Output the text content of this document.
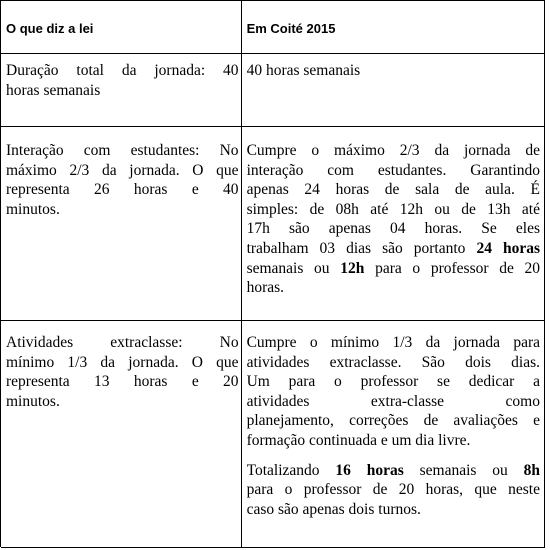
O que diz a lei	Em Coité 2015
Duração total da jornada: 40
horas semanais
40 horas semanais
Interação com estudantes: No
máximo 2/3 da jornada. O que
representa 26 horas e 40
minutos.
Cumpre o máximo 2/3 da jornada de
interação com estudantes. Garantindo
apenas 24 horas de sala de aula. É
simples: de 08h até 12h ou de 13h até
17h são apenas 04 horas. Se eles
trabalham 03 dias são portanto 24 horas
semanais ou 12h para o professor de 20
horas.
Atividades extraclasse: No
mínimo 1/3 da jornada. O que
representa 13 horas e 20
minutos.
Cumpre o mínimo 1/3 da jornada para
atividades extraclasse. São dois dias.
Um para o professor se dedicar a
atividades extra-classe como
planejamento, correções de avaliações e
formação continuada e um dia livre.
Totalizando 16 horas semanais ou 8h
para o professor de 20 horas, que neste
caso são apenas dois turnos.
